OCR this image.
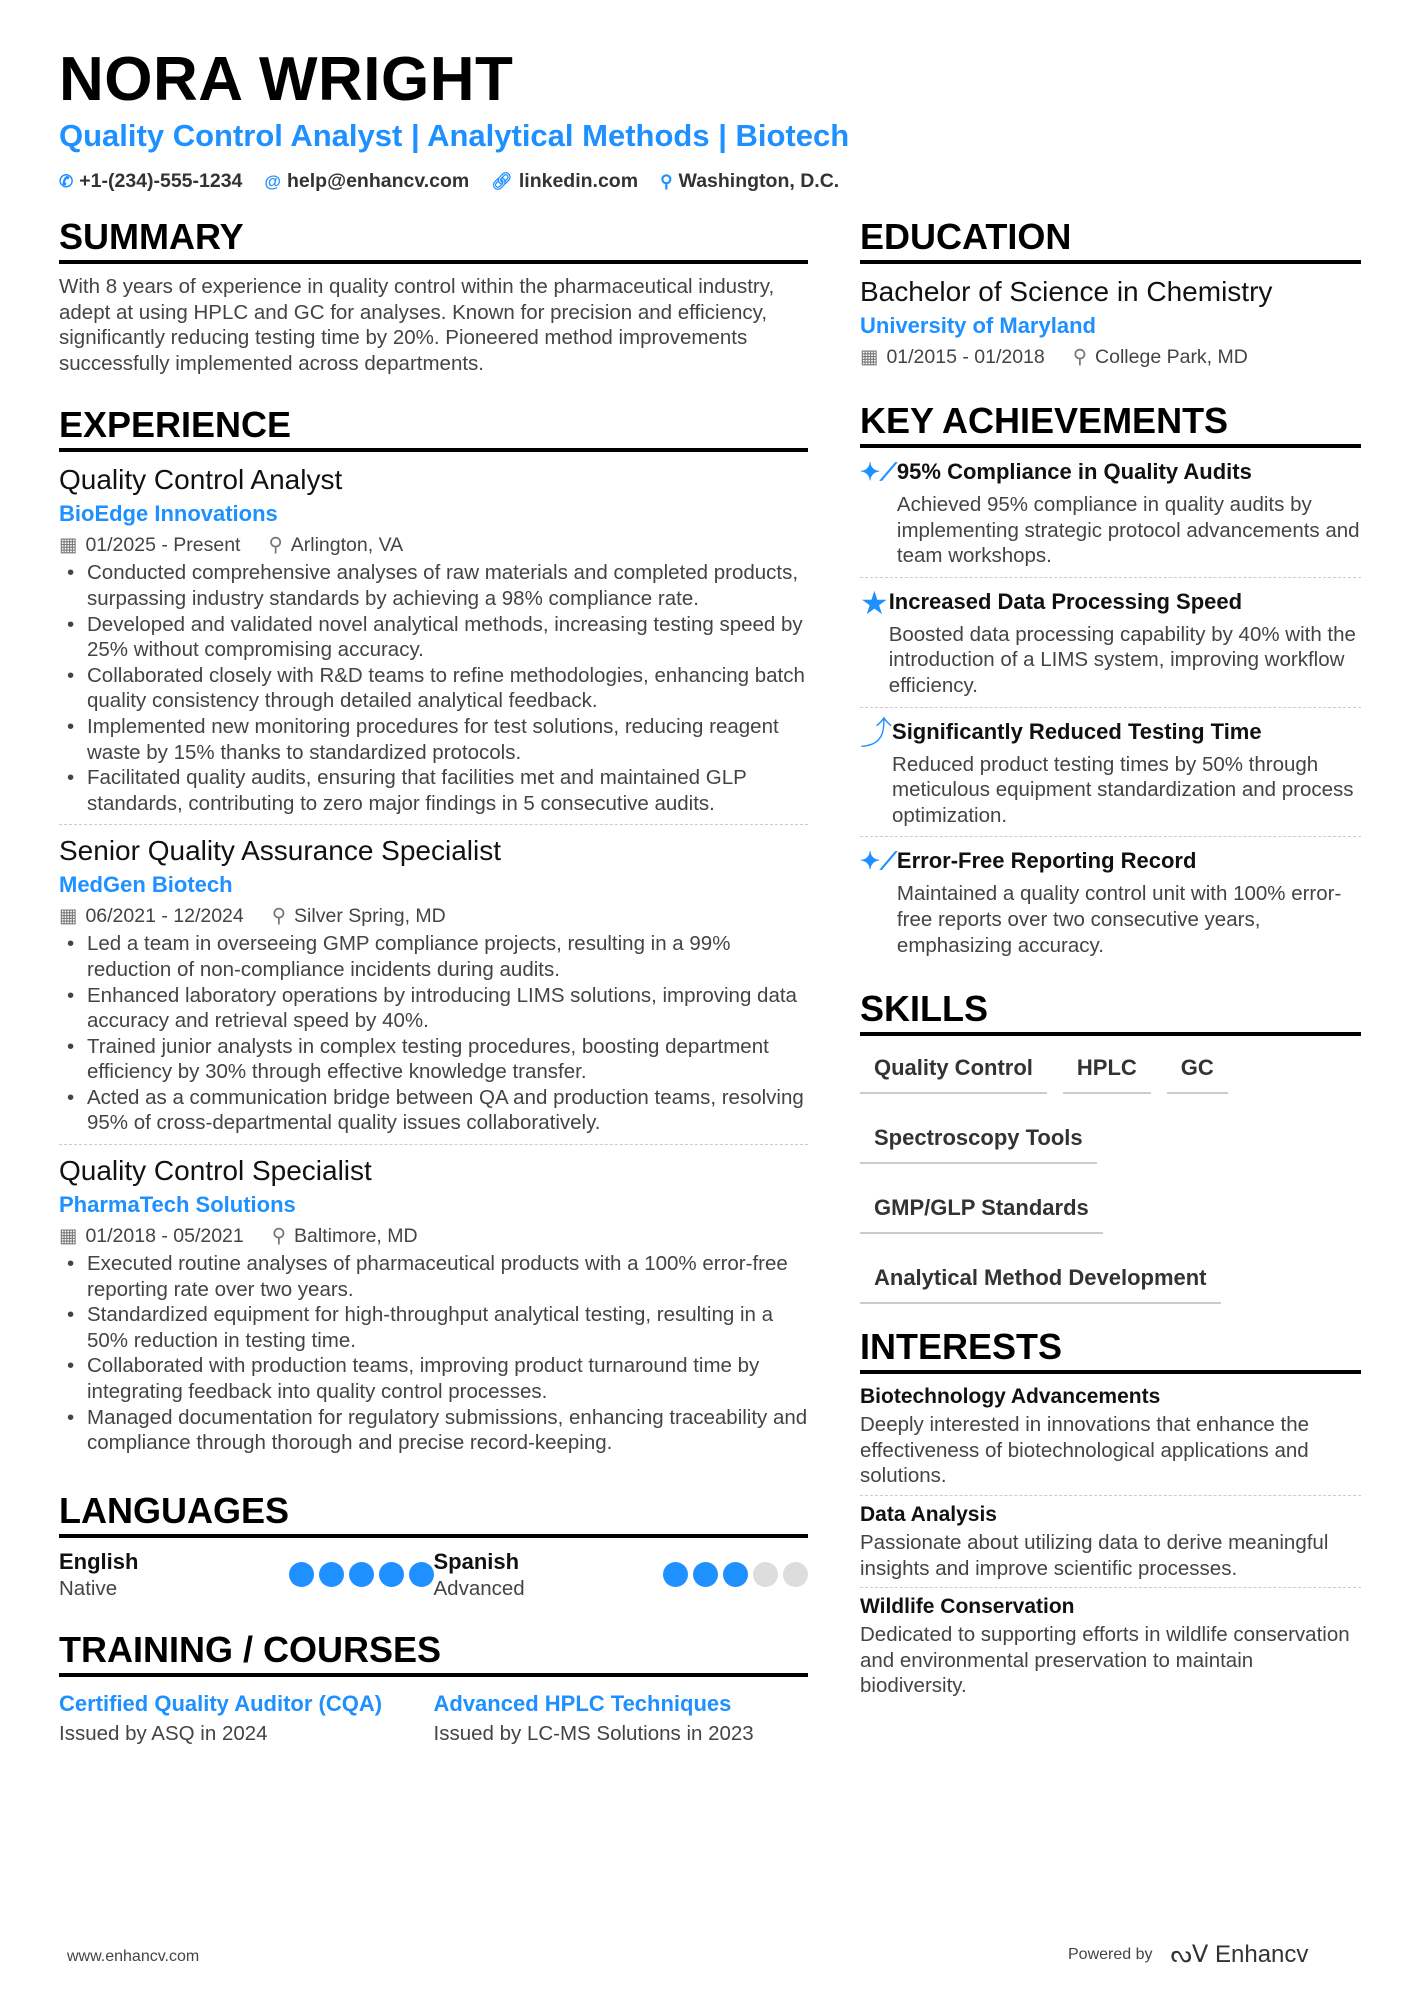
NORA WRIGHT
Quality Control Analyst | Analytical Methods | Biotech
✆ +1-(234)-555-1234 @ help@enhancv.com 🔗︎ linkedin.com ⚲ Washington, D.C.
SUMMARY

With 8 years of experience in quality control within the pharmaceutical industry, adept at using HPLC and GC for analyses. Known for precision and efficiency, significantly reducing testing time by 20%. Pioneered method improvements successfully implemented across departments.

EXPERIENCE
Quality Control Analyst
BioEdge Innovations
▦ 01/2025 - Present ⚲ Arlington, VA
• Conducted comprehensive analyses of raw materials and completed products, surpassing industry standards by achieving a 98% compliance rate.
• Developed and validated novel analytical methods, increasing testing speed by 25% without compromising accuracy.
• Collaborated closely with R&D teams to refine methodologies, enhancing batch quality consistency through detailed analytical feedback.
• Implemented new monitoring procedures for test solutions, reducing reagent waste by 15% thanks to standardized protocols.
• Facilitated quality audits, ensuring that facilities met and maintained GLP standards, contributing to zero major findings in 5 consecutive audits.
Senior Quality Assurance Specialist
MedGen Biotech
▦ 06/2021 - 12/2024 ⚲ Silver Spring, MD
• Led a team in overseeing GMP compliance projects, resulting in a 99% reduction of non-compliance incidents during audits.
• Enhanced laboratory operations by introducing LIMS solutions, improving data accuracy and retrieval speed by 40%.
• Trained junior analysts in complex testing procedures, boosting department efficiency by 30% through effective knowledge transfer.
• Acted as a communication bridge between QA and production teams, resolving 95% of cross-departmental quality issues collaboratively.
Quality Control Specialist
PharmaTech Solutions
▦ 01/2018 - 05/2021 ⚲ Baltimore, MD
• Executed routine analyses of pharmaceutical products with a 100% error-free reporting rate over two years.
• Standardized equipment for high-throughput analytical testing, resulting in a 50% reduction in testing time.
• Collaborated with production teams, improving product turnaround time by integrating feedback into quality control processes.
• Managed documentation for regulatory submissions, enhancing traceability and compliance through thorough and precise record-keeping.
LANGUAGES
English
Native
Spanish
Advanced
TRAINING / COURSES
Certified Quality Auditor (CQA)
Issued by ASQ in 2024
Advanced HPLC Techniques
Issued by LC-MS Solutions in 2023
EDUCATION
Bachelor of Science in Chemistry
University of Maryland
▦ 01/2015 - 01/2018 ⚲ College Park, MD
KEY ACHIEVEMENTS
✦⟋ 95% Compliance in Quality Audits

Achieved 95% compliance in quality audits by implementing strategic protocol advancements and team workshops.

★ Increased Data Processing Speed

Boosted data processing capability by 40% with the introduction of a LIMS system, improving workflow efficiency.

⤴ Significantly Reduced Testing Time

Reduced product testing times by 50% through meticulous equipment standardization and process optimization.

✦⟋ Error-Free Reporting Record

Maintained a quality control unit with 100% error-free reports over two consecutive years, emphasizing accuracy.

SKILLS
Quality Control	HPLC	GC
Spectroscopy Tools
GMP/GLP Standards
Analytical Method Development
INTERESTS
Biotechnology Advancements

Deeply interested in innovations that enhance the effectiveness of biotechnological applications and solutions.

Data Analysis

Passionate about utilizing data to derive meaningful insights and improve scientific processes.

Wildlife Conservation

Dedicated to supporting efforts in wildlife conservation and environmental preservation to maintain biodiversity.

www.enhancv.com	Powered by ᔓᐯ Enhancv
